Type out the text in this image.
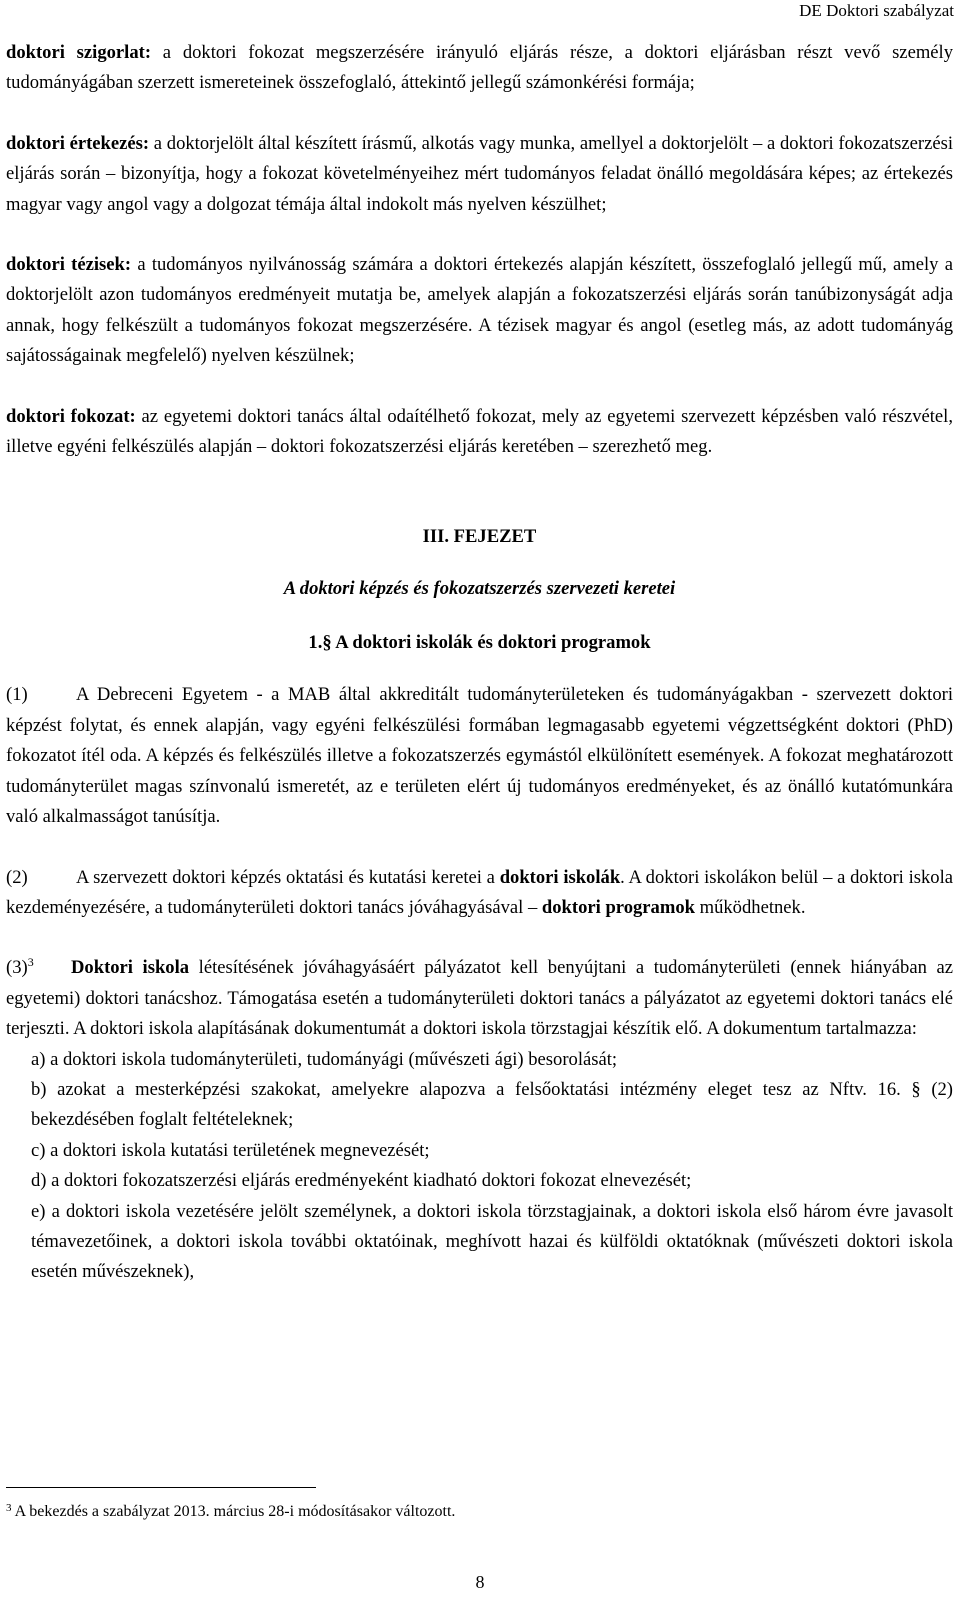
DE Doktori szabályzat

doktori szigorlat: a doktori fokozat megszerzésére irányuló eljárás része, a doktori eljárásban részt vevő személy tudományágában szerzett ismereteinek összefoglaló, áttekintő jellegű számonkérési formája;

doktori értekezés: a doktorjelölt által készített írásmű, alkotás vagy munka, amellyel a doktorjelölt – a doktori fokozatszerzési eljárás során – bizonyítja, hogy a fokozat követelményeihez mért tudományos feladat önálló megoldására képes; az értekezés magyar vagy angol vagy a dolgozat témája által indokolt más nyelven készülhet;

doktori tézisek: a tudományos nyilvánosság számára a doktori értekezés alapján készített, összefoglaló jellegű mű, amely a doktorjelölt azon tudományos eredményeit mutatja be, amelyek alapján a fokozatszerzési eljárás során tanúbizonyságát adja annak, hogy felkészült a tudományos fokozat megszerzésére. A tézisek magyar és angol (esetleg más, az adott tudományág sajátosságainak megfelelő) nyelven készülnek;

doktori fokozat: az egyetemi doktori tanács által odaítélhető fokozat, mely az egyetemi szervezett képzésben való részvétel, illetve egyéni felkészülés alapján – doktori fokozatszerzési eljárás keretében – szerezhető meg.

III. FEJEZET

A doktori képzés és fokozatszerzés szervezeti keretei

1.§ A doktori iskolák és doktori programok

(1)	A Debreceni Egyetem - a MAB által akkreditált tudományterületeken és tudományágakban - szervezett doktori képzést folytat, és ennek alapján, vagy egyéni felkészülési formában legmagasabb egyetemi végzettségként doktori (PhD) fokozatot ítél oda. A képzés és felkészülés illetve a fokozatszerzés egymástól elkülönített események. A fokozat meghatározott tudományterület magas színvonalú ismeretét, az e területen elért új tudományos eredményeket, és az önálló kutatómunkára való alkalmasságot tanúsítja.

(2)	A szervezett doktori képzés oktatási és kutatási keretei a doktori iskolák. A doktori iskolákon belül – a doktori iskola kezdeményezésére, a tudományterületi doktori tanács jóváhagyásával – doktori programok működhetnek.

$(3)^3$ Doktori iskola létesítésének jóváhagyásáért pályázatot kell benyújtani a tudományterületi (ennek hiányában az egyetemi) doktori tanácshoz. Támogatása esetén a tudományterületi doktori tanács a pályázatot az egyetemi doktori tanács elé terjeszti. A doktori iskola alapításának dokumentumát a doktori iskola törzstagjai készítik elő. A dokumentum tartalmazza:

a) a doktori iskola tudományterületi, tudományági (művészeti ági) besorolását;

b) azokat a mesterképzési szakokat, amelyekre alapozva a felsőoktatási intézmény eleget tesz az Nftv. 16. § (2) bekezdésében foglalt feltételeknek;

c) a doktori iskola kutatási területének megnevezését;

d) a doktori fokozatszerzési eljárás eredményeként kiadható doktori fokozat elnevezését;

e) a doktori iskola vezetésére jelölt személynek, a doktori iskola törzstagjainak, a doktori iskola első három évre javasolt témavezetőinek, a doktori iskola további oktatóinak, meghívott hazai és külföldi oktatóknak (művészeti doktori iskola esetén művészeknek),

$^3$ A bekezdés a szabályzat 2013. március 28-i módosításakor változott.
8
